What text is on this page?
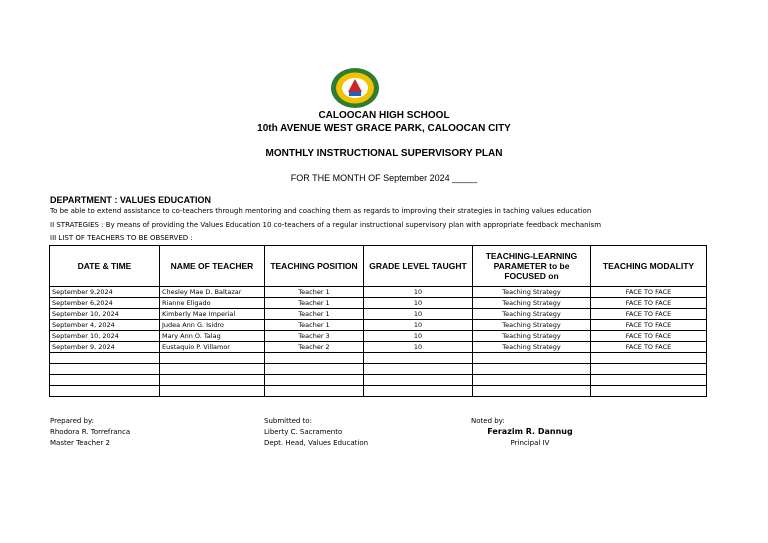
CALOOCAN HIGH SCHOOL
10th AVENUE WEST GRACE PARK, CALOOCAN CITY
MONTHLY INSTRUCTIONAL SUPERVISORY PLAN
FOR THE MONTH OF September 2024 _____
DEPARTMENT : VALUES EDUCATION
To be able to extend assistance to co-teachers through mentoring and coaching them as regards to improving their strategies in taching values education
II STRATEGIES : By means of providing the Values Education 10 co-teachers of a regular instructional supervisory plan with appropriate feedback mechanism
III LIST OF TEACHERS TO BE OBSERVED :
DATE & TIME	NAME OF TEACHER	TEACHING POSITION	GRADE LEVEL TAUGHT	TEACHING-LEARNING PARAMETER to be FOCUSED on	TEACHING MODALITY
September 9,2024	Chesley Mae D. Baltazar	Teacher 1	10	Teaching Strategy	FACE TO FACE
September 6,2024	Rianne Eligado	Teacher 1	10	Teaching Strategy	FACE TO FACE
September 10, 2024	Kimberly Mae Imperial	Teacher 1	10	Teaching Strategy	FACE TO FACE
September 4, 2024	Judea Ann G. Isidro	Teacher 1	10	Teaching Strategy	FACE TO FACE
September 10, 2024	Mary Ann O. Talag	Teacher 3	10	Teaching Strategy	FACE TO FACE
September 9, 2024	Eustaquio P. Villamor	Teacher 2	10	Teaching Strategy	FACE TO FACE

Prepared by:
Rhodora R. Torrefranca
Master Teacher 2
Submitted to:
Liberty C. Sacramento
Dept. Head, Values Education
Noted by:
Ferazim R. Dannug
Principal IV
